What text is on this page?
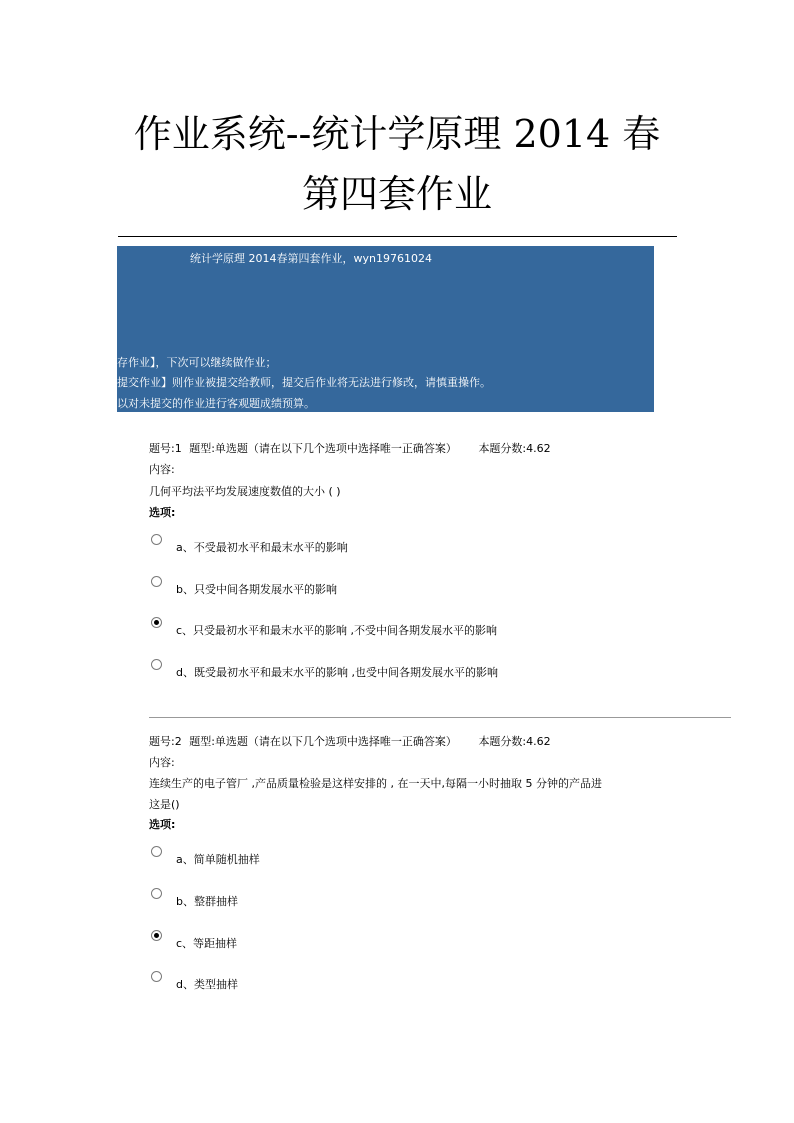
作业系统--统计学原理 2014 春
第四套作业
统计学原理 2014春第四套作业，wyn19761024
存作业】，下次可以继续做作业；
提交作业】则作业被提交给教师，提交后作业将无法进行修改，请慎重操作。
以对未提交的作业进行客观题成绩预算。
题号:1 题型:单选题（请在以下几个选项中选择唯一正确答案） 本题分数:4.62
内容:
几何平均法平均发展速度数值的大小 ( )
选项:
a、不受最初水平和最末水平的影响
b、只受中间各期发展水平的影响
c、只受最初水平和最末水平的影响 ,不受中间各期发展水平的影响
d、既受最初水平和最末水平的影响 ,也受中间各期发展水平的影响
题号:2 题型:单选题（请在以下几个选项中选择唯一正确答案） 本题分数:4.62
内容:
连续生产的电子管厂 ,产品质量检验是这样安排的 , 在一天中,每隔一小时抽取 5 分钟的产品进
这是()
选项:
a、简单随机抽样
b、整群抽样
c、等距抽样
d、类型抽样
